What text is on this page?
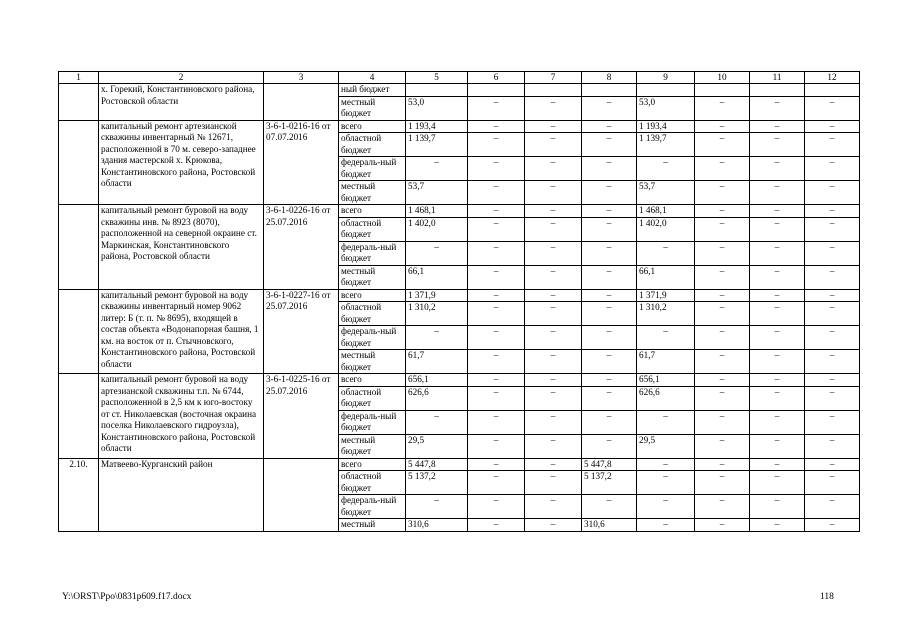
1	2	3	4	5	6	7	8	9	10	11	12
	х. Горекий, Константиновского района, Ростовской области		ный бюджет								
			местный бюджет	53,0	–	–	–	53,0	–	–	–
	капитальный ремонт артезианской скважины инвентарный № 12671, расположенной в 70 м. северо-западнее здания мастерской х. Крюкова, Константиновского района, Ростовской области	3-6-1-0216-16 от 07.07.2016	всего	1 193,4	–	–	–	1 193,4	–	–	–
			областной бюджет	1 139,7	–	–	–	1 139,7	–	–	–
			федераль-ный бюджет	–	–	–	–	–	–	–	–
			местный бюджет	53,7	–	–	–	53,7	–	–	–
	капитальный ремонт буровой на воду скважины инв. № 8923 (8070), расположенной на северной окраине ст. Маркинская, Константиновского района, Ростовской области	3-6-1-0226-16 от 25.07.2016	всего	1 468,1	–	–	–	1 468,1	–	–	–
			областной бюджет	1 402,0	–	–	–	1 402,0	–	–	–
			федераль-ный бюджет	–	–	–	–	–	–	–	–
			местный бюджет	66,1	–	–	–	66,1	–	–	–
	капитальный ремонт буровой на воду скважины инвентарный номер 9062 литер: Б (т. п. № 8695), входящей в состав объекта «Водонапорная башня, 1 км. на восток от п. Стычновского, Константиновского района, Ростовской области	3-6-1-0227-16 от 25.07.2016	всего	1 371,9	–	–	–	1 371,9	–	–	–
			областной бюджет	1 310,2	–	–	–	1 310,2	–	–	–
			федераль-ный бюджет	–	–	–	–	–	–	–	–
			местный бюджет	61,7	–	–	–	61,7	–	–	–
	капитальный ремонт буровой на воду артезианской скважины т.п. № 6744, расположенной в 2,5 км к юго-востоку от ст. Николаевская (восточная окраина поселка Николаевского гидроузла), Константиновского района, Ростовской области	3-6-1-0225-16 от 25.07.2016	всего	656,1	–	–	–	656,1	–	–	–
			областной бюджет	626,6	–	–	–	626,6	–	–	–
			федераль-ный бюджет	–	–	–	–	–	–	–	–
			местный бюджет	29,5	–	–	–	29,5	–	–	–
2.10.	Матвеево-Курганский район		всего	5 447,8	–	–	5 447,8	–	–	–	–
			областной бюджет	5 137,2	–	–	5 137,2	–	–	–	–
			федераль-ный бюджет	–	–	–	–	–	–	–	–
			местный	310,6	–	–	310,6	–	–	–	–
Y:\ORST\Ppo\0831p609.f17.docx	118
